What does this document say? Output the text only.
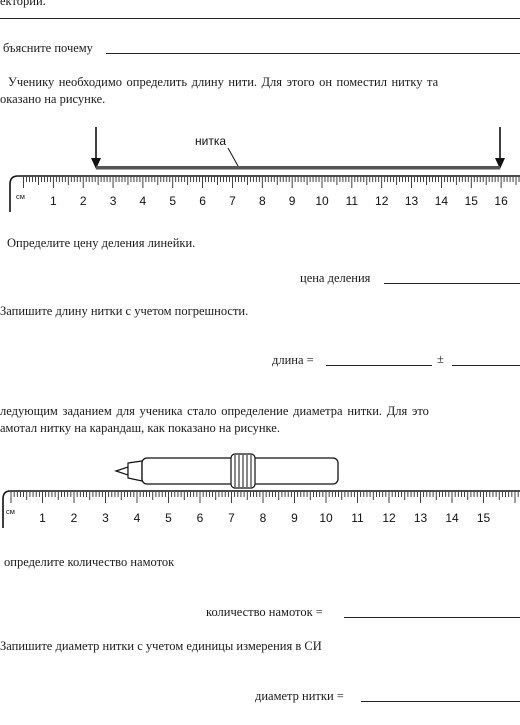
ектории.
бъясните почему
Ученику необходимо определить длину нити. Для этого он поместил нитку та
оказано на рисунке.
нитка
см 1 2 3 4 5 6 7 8 9 10 11 12 13 14 15 16
Определите цену деления линейки.
цена деления
Запишите длину нитки с учетом погрешности.
длина =	±
ледующим заданием для ученика стало определение диаметра нитки. Для это
амотал нитку на карандаш, как показано на рисунке.
см 1 2 3 4 5 6 7 8 9 10 11 12 13 14 15
определите количество намоток
количество намоток =
Запишите диаметр нитки с учетом единицы измерения в СИ
диаметр нитки =
